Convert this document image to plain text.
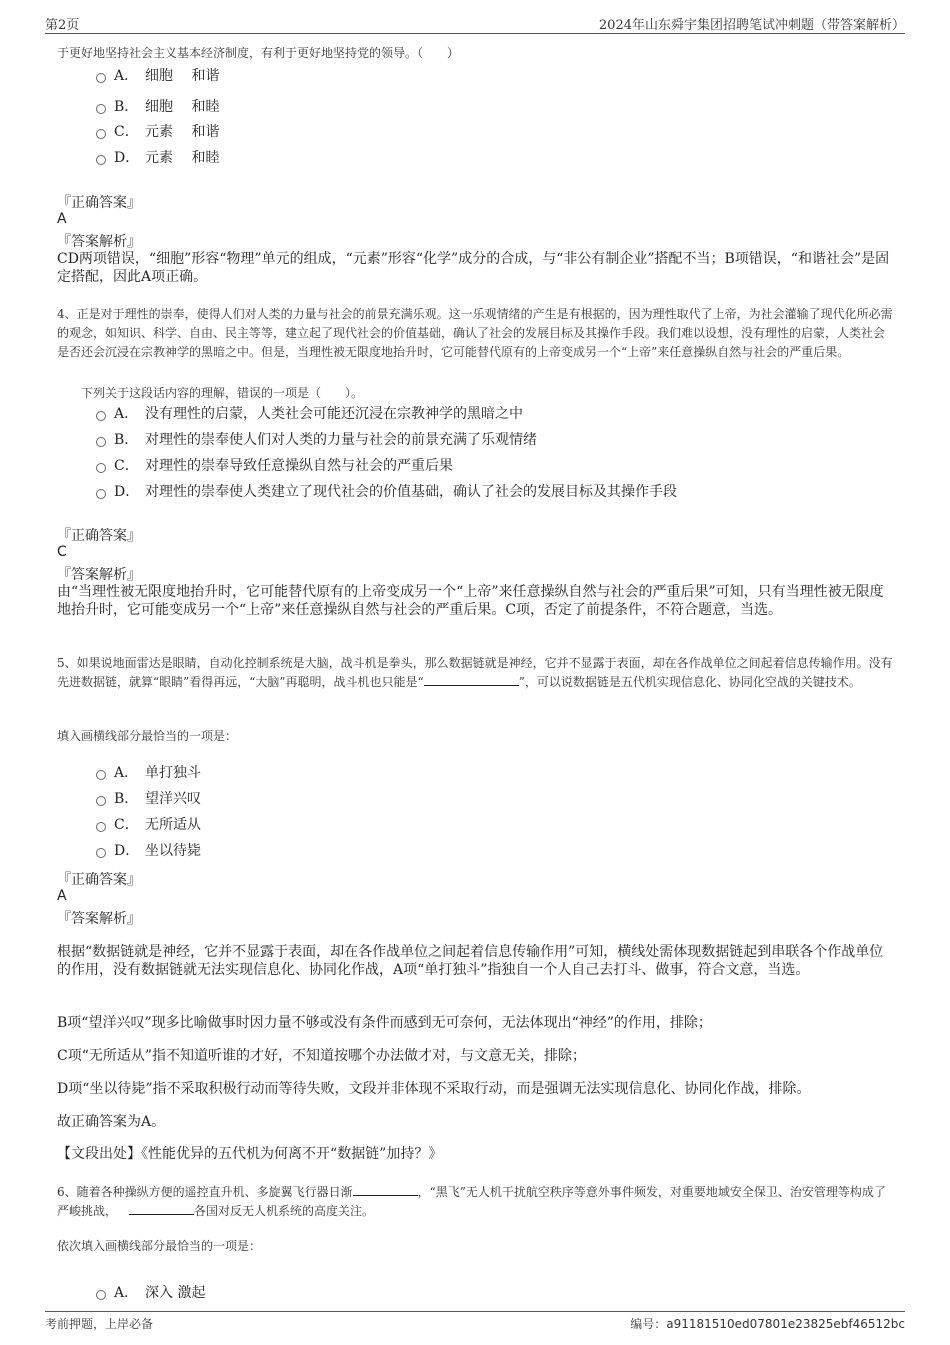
第2页	2024年山东舜宇集团招聘笔试冲刺题（带答案解析）
于更好地坚持社会主义基本经济制度，有利于更好地坚持党的领导。（　　）
A． 细胞　 和谐
B． 细胞　 和睦
C． 元素　 和谐
D． 元素　 和睦
『正确答案』
A
『答案解析』
CD两项错误，“细胞”形容“物理”单元的组成，“元素”形容“化学”成分的合成，与“非公有制企业”搭配不当；B项错误，“和谐社会”是固定搭配，因此A项正确。
4、正是对于理性的崇奉，使得人们对人类的力量与社会的前景充满乐观。这一乐观情绪的产生是有根据的，因为理性取代了上帝，为社会灌输了现代化所必需的观念，如知识、科学、自由、民主等等，建立起了现代社会的价值基础，确认了社会的发展目标及其操作手段。我们难以设想，没有理性的启蒙，人类社会是否还会沉浸在宗教神学的黑暗之中。但是，当理性被无限度地抬升时，它可能替代原有的上帝变成另一个“上帝”来任意操纵自然与社会的严重后果。
下列关于这段话内容的理解，错误的一项是（　　）。
A． 没有理性的启蒙，人类社会可能还沉浸在宗教神学的黑暗之中
B． 对理性的崇奉使人们对人类的力量与社会的前景充满了乐观情绪
C． 对理性的崇奉导致任意操纵自然与社会的严重后果
D． 对理性的崇奉使人类建立了现代社会的价值基础，确认了社会的发展目标及其操作手段
『正确答案』
C
『答案解析』
由“当理性被无限度地抬升时，它可能替代原有的上帝变成另一个“上帝”来任意操纵自然与社会的严重后果”可知，只有当理性被无限度地抬升时，它可能变成另一个“上帝”来任意操纵自然与社会的严重后果。C项，否定了前提条件，不符合题意，当选。
5、如果说地面雷达是眼睛，自动化控制系统是大脑，战斗机是拳头，那么数据链就是神经，它并不显露于表面，却在各作战单位之间起着信息传输作用。没有先进数据链，就算“眼睛”看得再远，“大脑”再聪明，战斗机也只能是“	”，可以说数据链是五代机实现信息化、协同化空战的关键技术。
填入画横线部分最恰当的一项是：
A． 单打独斗
B． 望洋兴叹
C． 无所适从
D． 坐以待毙
『正确答案』
A
『答案解析』
根据“数据链就是神经，它并不显露于表面，却在各作战单位之间起着信息传输作用”可知，横线处需体现数据链起到串联各个作战单位的作用，没有数据链就无法实现信息化、协同化作战，A项“单打独斗”指独自一个人自己去打斗、做事，符合文意，当选。
B项“望洋兴叹”现多比喻做事时因力量不够或没有条件而感到无可奈何，无法体现出“神经”的作用，排除；
C项“无所适从”指不知道听谁的才好，不知道按哪个办法做才对，与文意无关，排除；
D项“坐以待毙”指不采取积极行动而等待失败，文段并非体现不采取行动，而是强调无法实现信息化、协同化作战，排除。
故正确答案为A。
【文段出处】《性能优异的五代机为何离不开“数据链”加持？》
6、随着各种操纵方便的遥控直升机、多旋翼飞行器日渐	，“黑飞”无人机干扰航空秩序等意外事件频发，对重要地域安全保卫、治安管理等构成了严峻挑战，	各国对反无人机系统的高度关注。
依次填入画横线部分最恰当的一项是：
A． 深入 激起
考前押题，上岸必备	编号：a91181510ed07801e23825ebf46512bc
